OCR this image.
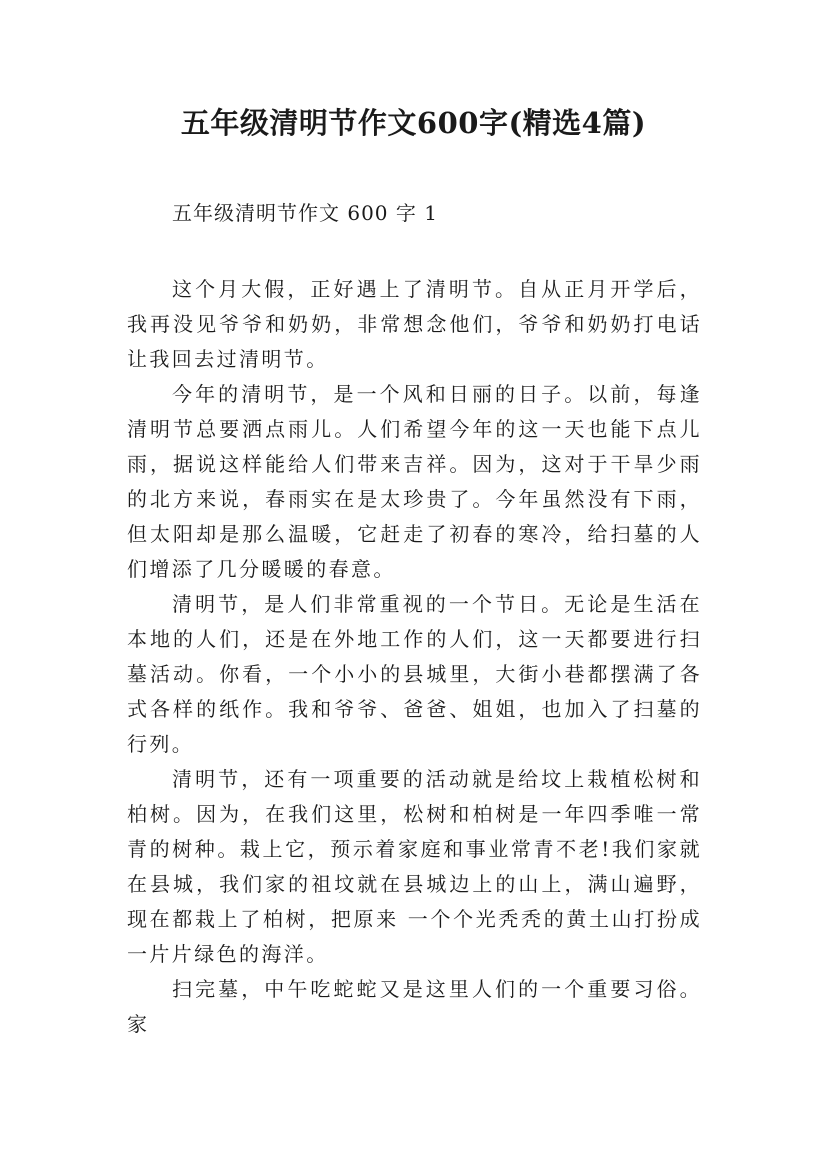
五年级清明节作文600字(精选4篇)

五年级清明节作文 600 字 1

这个月大假，正好遇上了清明节。自从正月开学后，我再没见爷爷和奶奶，非常想念他们，爷爷和奶奶打电话让我回去过清明节。

今年的清明节，是一个风和日丽的日子。以前，每逢清明节总要洒点雨儿。人们希望今年的这一天也能下点儿雨，据说这样能给人们带来吉祥。因为，这对于干旱少雨的北方来说，春雨实在是太珍贵了。今年虽然没有下雨，但太阳却是那么温暖，它赶走了初春的寒冷，给扫墓的人们增添了几分暖暖的春意。

清明节，是人们非常重视的一个节日。无论是生活在本地的人们，还是在外地工作的人们，这一天都要进行扫墓活动。你看，一个小小的县城里，大街小巷都摆满了各式各样的纸作。我和爷爷、爸爸、姐姐，也加入了扫墓的行列。

清明节，还有一项重要的活动就是给坟上栽植松树和柏树。因为，在我们这里，松树和柏树是一年四季唯一常青的树种。栽上它，预示着家庭和事业常青不老!我们家就在县城，我们家的祖坟就在县城边上的山上，满山遍野，现在都栽上了柏树，把原来 一个个光秃秃的黄土山打扮成一片片绿色的海洋。

扫完墓，中午吃蛇蛇又是这里人们的一个重要习俗。家
